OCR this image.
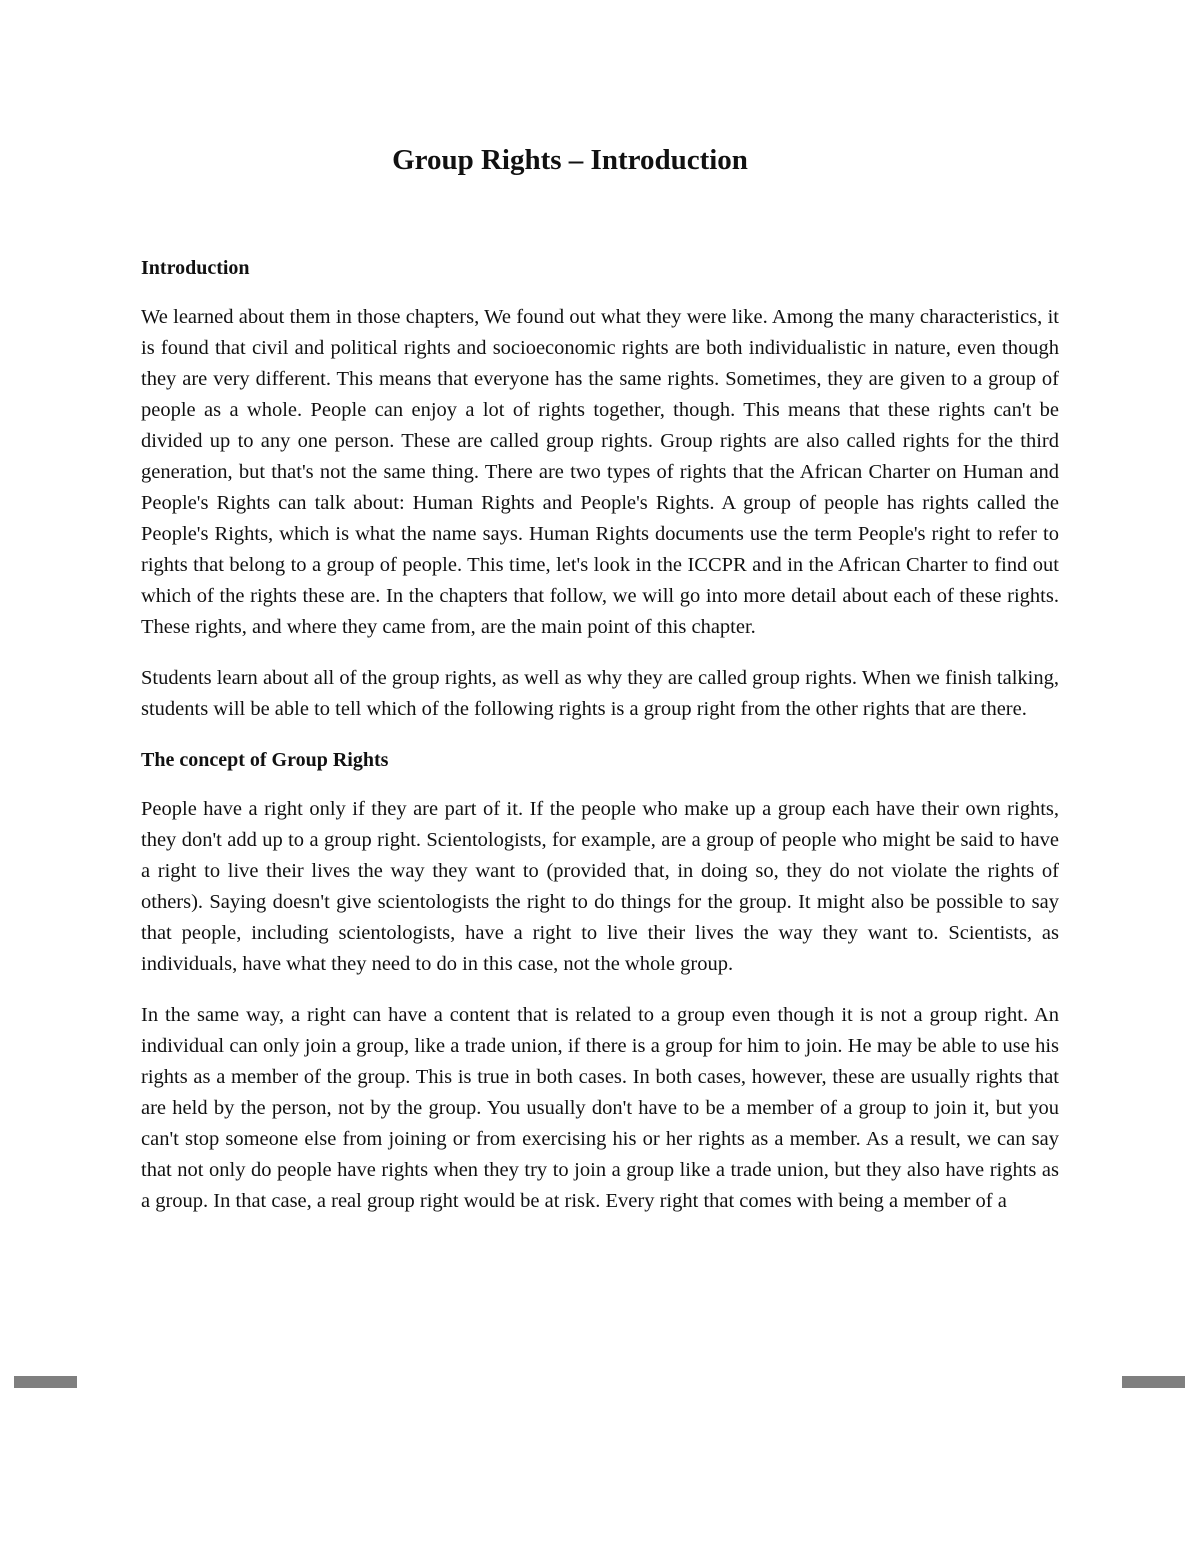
Group Rights – Introduction
Introduction

We learned about them in those chapters, We found out what they were like. Among the many characteristics, it is found that civil and political rights and socioeconomic rights are both individualistic in nature, even though they are very different. This means that everyone has the same rights. Sometimes, they are given to a group of people as a whole. People can enjoy a lot of rights together, though. This means that these rights can't be divided up to any one person. These are called group rights. Group rights are also called rights for the third generation, but that's not the same thing. There are two types of rights that the African Charter on Human and People's Rights can talk about: Human Rights and People's Rights. A group of people has rights called the People's Rights, which is what the name says. Human Rights documents use the term People's right to refer to rights that belong to a group of people. This time, let's look in the ICCPR and in the African Charter to find out which of the rights these are. In the chapters that follow, we will go into more detail about each of these rights. These rights, and where they came from, are the main point of this chapter.

Students learn about all of the group rights, as well as why they are called group rights. When we finish talking, students will be able to tell which of the following rights is a group right from the other rights that are there.

The concept of Group Rights

People have a right only if they are part of it. If the people who make up a group each have their own rights, they don't add up to a group right. Scientologists, for example, are a group of people who might be said to have a right to live their lives the way they want to (provided that, in doing so, they do not violate the rights of others). Saying doesn't give scientologists the right to do things for the group. It might also be possible to say that people, including scientologists, have a right to live their lives the way they want to. Scientists, as individuals, have what they need to do in this case, not the whole group.

In the same way, a right can have a content that is related to a group even though it is not a group right. An individual can only join a group, like a trade union, if there is a group for him to join. He may be able to use his rights as a member of the group. This is true in both cases. In both cases, however, these are usually rights that are held by the person, not by the group. You usually don't have to be a member of a group to join it, but you can't stop someone else from joining or from exercising his or her rights as a member. As a result, we can say that not only do people have rights when they try to join a group like a trade union, but they also have rights as a group. In that case, a real group right would be at risk. Every right that comes with being a member of a
